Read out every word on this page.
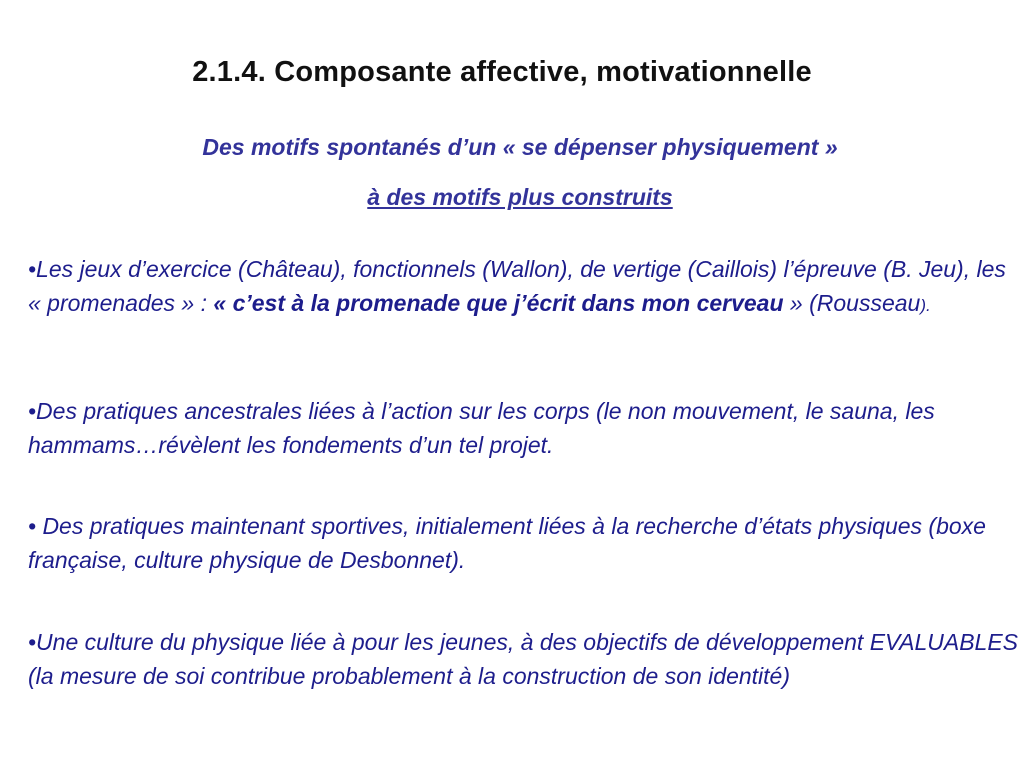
2.1.4. Composante affective, motivationnelle
Des motifs spontanés d’un « se dépenser physiquement »
à des motifs plus construits
•Les jeux d’exercice (Château), fonctionnels (Wallon), de vertige (Caillois) l’épreuve (B. Jeu), les « promenades » : « c’est à la promenade que j’écrit dans mon cerveau » (Rousseau).
•Des pratiques ancestrales liées à l’action sur les corps (le non mouvement, le sauna, les hammams…révèlent les fondements d’un tel projet.
• Des pratiques maintenant sportives, initialement liées à la recherche d’états physiques (boxe française, culture physique de Desbonnet).
•Une culture du physique liée à pour les jeunes, à des objectifs de développement EVALUABLES (la mesure de soi contribue probablement à la construction de son identité)
